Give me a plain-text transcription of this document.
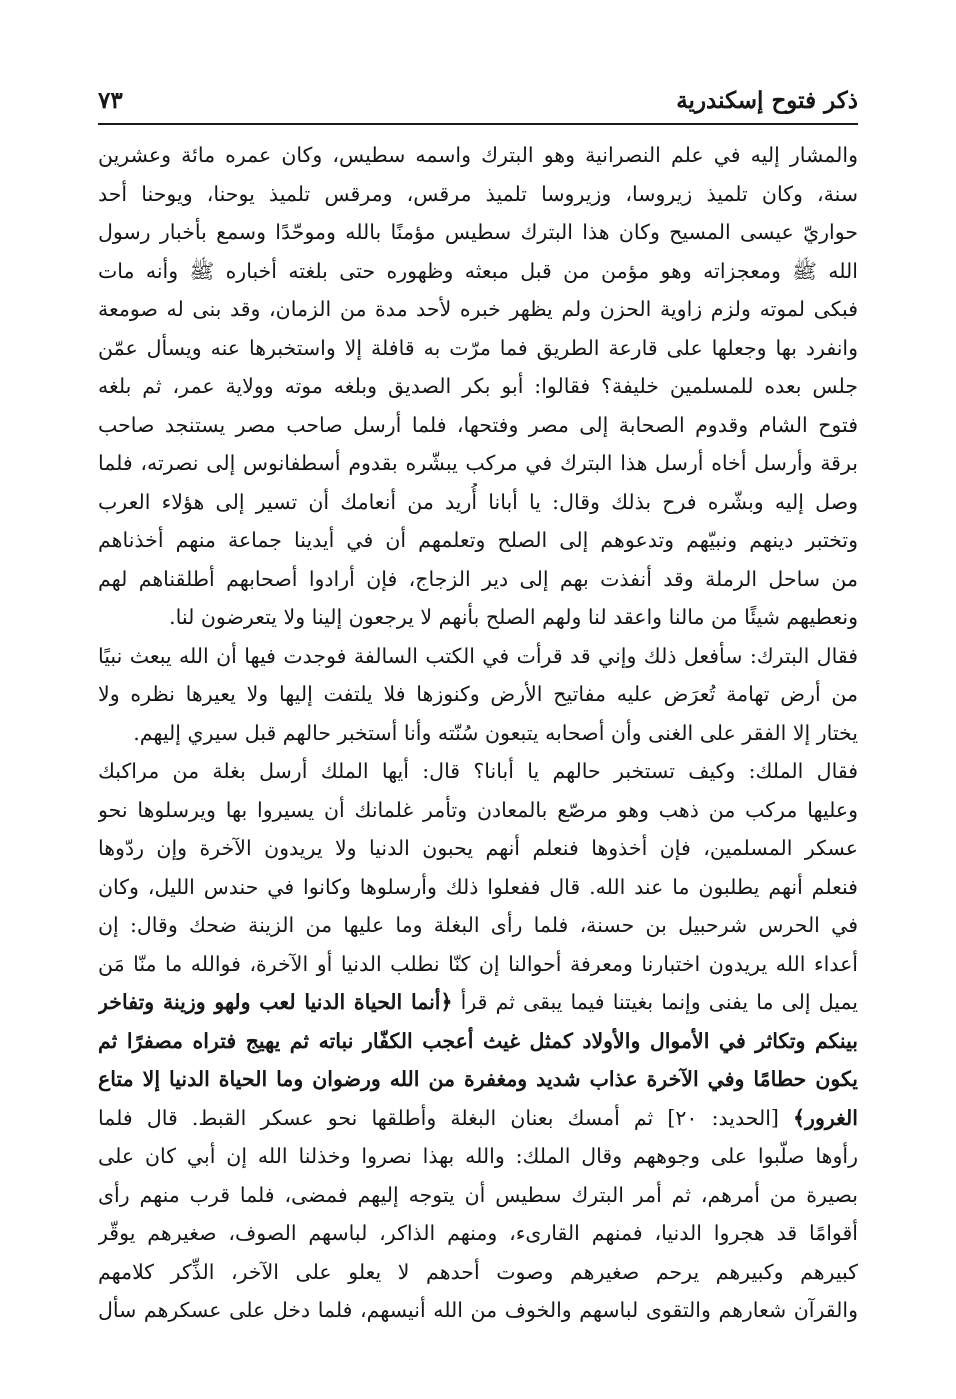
ذكر فتوح إسكندرية
٧٣
والمشار إليه في علم النصرانية وهو البترك واسمه سطيس، وكان عمره مائة وعشرين
سنة، وكان تلميذ زيروسا، وزيروسا تلميذ مرقس، ومرقس تلميذ يوحنا، ويوحنا أحد
حواريّ عيسى المسيح وكان هذا البترك سطيس مؤمنًا بالله وموحّدًا وسمع بأخبار رسول
الله ﷺ ومعجزاته وهو مؤمن من قبل مبعثه وظهوره حتى بلغته أخباره ﷺ وأنه مات
فبكى لموته ولزم زاوية الحزن ولم يظهر خبره لأحد مدة من الزمان، وقد بنى له صومعة
وانفرد بها وجعلها على قارعة الطريق فما مرّت به قافلة إلا واستخبرها عنه ويسأل عمّن
جلس بعده للمسلمين خليفة؟ فقالوا: أبو بكر الصديق وبلغه موته وولاية عمر، ثم بلغه
فتوح الشام وقدوم الصحابة إلى مصر وفتحها، فلما أرسل صاحب مصر يستنجد صاحب
برقة وأرسل أخاه أرسل هذا البترك في مركب يبشّره بقدوم أسطفانوس إلى نصرته، فلما
وصل إليه وبشّره فرح بذلك وقال: يا أبانا أُريد من أنعامك أن تسير إلى هؤلاء العرب
وتختبر دينهم ونبيّهم وتدعوهم إلى الصلح وتعلمهم أن في أيدينا جماعة منهم أخذناهم
من ساحل الرملة وقد أنفذت بهم إلى دير الزجاج، فإن أرادوا أصحابهم أطلقناهم لهم
ونعطيهم شيئًا من مالنا واعقد لنا ولهم الصلح بأنهم لا يرجعون إلينا ولا يتعرضون لنا.
فقال البترك: سأفعل ذلك وإني قد قرأت في الكتب السالفة فوجدت فيها أن الله يبعث نبيًا
من أرض تهامة تُعرَض عليه مفاتيح الأرض وكنوزها فلا يلتفت إليها ولا يعيرها نظره ولا
يختار إلا الفقر على الغنى وأن أصحابه يتبعون سُنّته وأنا أستخبر حالهم قبل سيري إليهم.
فقال الملك: وكيف تستخبر حالهم يا أبانا؟ قال: أيها الملك أرسل بغلة من مراكبك
وعليها مركب من ذهب وهو مرصّع بالمعادن وتأمر غلمانك أن يسيروا بها ويرسلوها نحو
عسكر المسلمين، فإن أخذوها فنعلم أنهم يحبون الدنيا ولا يريدون الآخرة وإن ردّوها
فنعلم أنهم يطلبون ما عند الله. قال ففعلوا ذلك وأرسلوها وكانوا في حندس الليل، وكان
في الحرس شرحبيل بن حسنة، فلما رأى البغلة وما عليها من الزينة ضحك وقال: إن
أعداء الله يريدون اختبارنا ومعرفة أحوالنا إن كنّا نطلب الدنيا أو الآخرة، فوالله ما منّا مَن
يميل إلى ما يفنى وإنما بغيتنا فيما يبقى ثم قرأ ﴿أنما الحياة الدنيا لعب ولهو وزينة وتفاخر
بينكم وتكاثر في الأموال والأولاد كمثل غيث أعجب الكفّار نباته ثم يهيج فتراه مصفرًا ثم
يكون حطامًا وفي الآخرة عذاب شديد ومغفرة من الله ورضوان وما الحياة الدنيا إلا متاع
الغرور﴾ [الحديد: ٢٠] ثم أمسك بعنان البغلة وأطلقها نحو عسكر القبط. قال فلما
رأوها صلّبوا على وجوههم وقال الملك: والله بهذا نصروا وخذلنا الله إن أبي كان على
بصيرة من أمرهم، ثم أمر البترك سطيس أن يتوجه إليهم فمضى، فلما قرب منهم رأى
أقوامًا قد هجروا الدنيا، فمنهم القارىء، ومنهم الذاكر، لباسهم الصوف، صغيرهم يوقّر
كبيرهم وكبيرهم يرحم صغيرهم وصوت أحدهم لا يعلو على الآخر، الذِّكر كلامهم
والقرآن شعارهم والتقوى لباسهم والخوف من الله أنيسهم، فلما دخل على عسكرهم سأل
